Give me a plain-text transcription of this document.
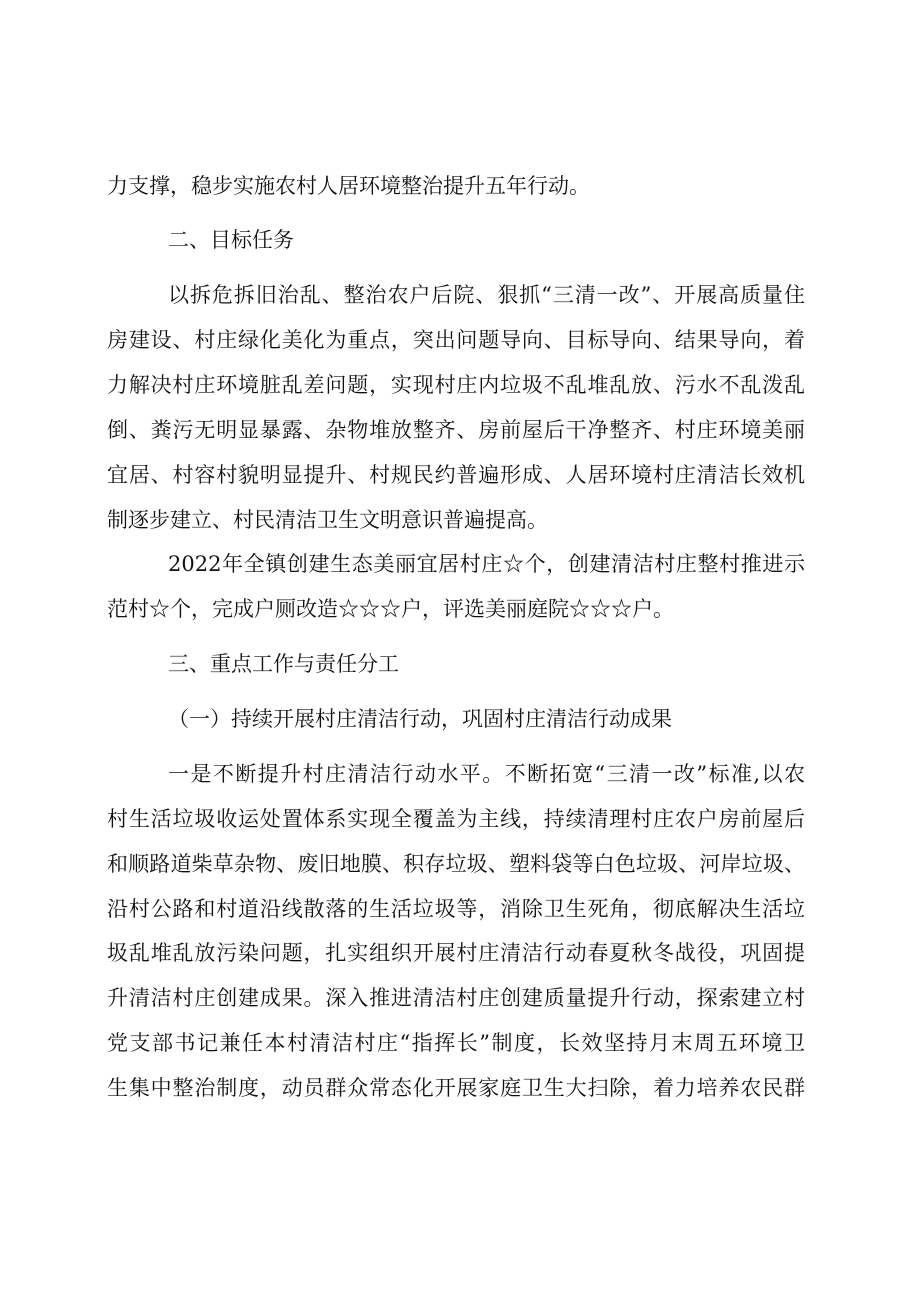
力支撑，稳步实施农村人居环境整治提升五年行动。
二、目标任务
以拆危拆旧治乱、整治农户后院、狠抓“三清一改”、开展高质量住
房建设、村庄绿化美化为重点，突出问题导向、目标导向、结果导向，着
力解决村庄环境脏乱差问题，实现村庄内垃圾不乱堆乱放、污水不乱泼乱
倒、粪污无明显暴露、杂物堆放整齐、房前屋后干净整齐、村庄环境美丽
宜居、村容村貌明显提升、村规民约普遍形成、人居环境村庄清洁长效机
制逐步建立、村民清洁卫生文明意识普遍提高。
2022年全镇创建生态美丽宜居村庄☆个，创建清洁村庄整村推进示
范村☆个，完成户厕改造☆☆☆户，评选美丽庭院☆☆☆户。
三、重点工作与责任分工
（一）持续开展村庄清洁行动，巩固村庄清洁行动成果
一是不断提升村庄清洁行动水平。不断拓宽“三清一改”标准,以农
村生活垃圾收运处置体系实现全覆盖为主线，持续清理村庄农户房前屋后
和顺路道柴草杂物、废旧地膜、积存垃圾、塑料袋等白色垃圾、河岸垃圾、
沿村公路和村道沿线散落的生活垃圾等，消除卫生死角，彻底解决生活垃
圾乱堆乱放污染问题，扎实组织开展村庄清洁行动春夏秋冬战役，巩固提
升清洁村庄创建成果。深入推进清洁村庄创建质量提升行动，探索建立村
党支部书记兼任本村清洁村庄“指挥长”制度，长效坚持月末周五环境卫
生集中整治制度，动员群众常态化开展家庭卫生大扫除，着力培养农民群
